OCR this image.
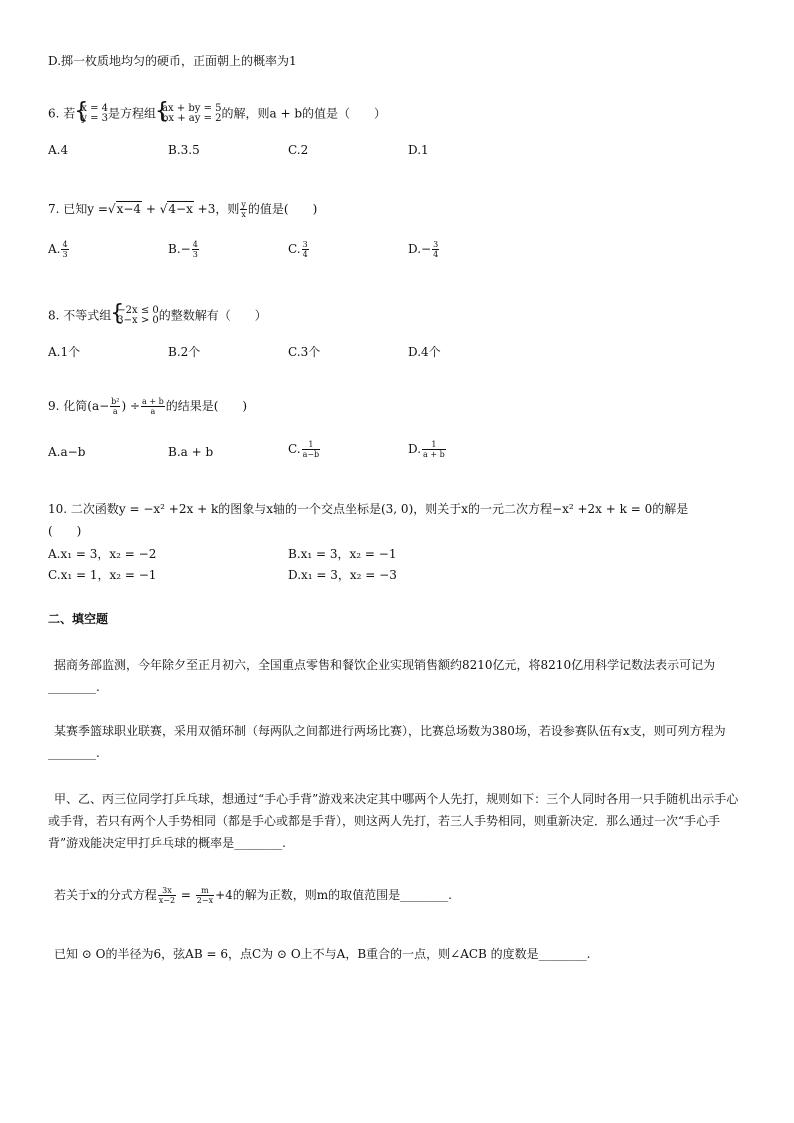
D.掷一枚质地均匀的硬币，正面朝上的概率为1
6. 若 { x = 4
y = 3 是方程组 { ax + by = 5
bx + ay = 2 的解，则a + b的值是（　　）
A.4	B.3.5	C.2	D.1
7. 已知y =√x−4 + √4−x +3，则 $\frac{y}{x}$ 的值是(　　)
A. $\frac{4}{3}$	$B.- \frac{4}{3}$	C. $\frac{3}{4}$	$D.- \frac{3}{4}$
8. 不等式组 { −2x ≤ 0
3−x > 0 的整数解有（　　）
A.1个	B.2个	C.3个	D.4个
9. 化简($a- \frac{\text{b²}}{a}$ ) ÷ $\frac{a + b}{a}$ 的结果是(　　)
A.a−b	B.a + b	C. $\frac{1}{a-b}$	D. $\frac{1}{a + b}$
10. 二次函数y = −x² +2x + k的图象与x轴的一个交点坐标是(3, 0)，则关于x的一元二次方程−x² +2x + k = 0的解是
(　　)
A.x₁ = 3，x₂ = −2	B.x₁ = 3，x₂ = −1
C.x₁ = 1，x₂ = −1	D.x₁ = 3，x₂ = −3
二、填空题
据商务部监测，今年除夕至正月初六，全国重点零售和餐饮企业实现销售额约8210亿元，将8210亿用科学记数法表示可记为________.
某赛季篮球职业联赛，采用双循环制（每两队之间都进行两场比赛），比赛总场数为380场，若设参赛队伍有x支，则可列方程为________.
甲、乙、丙三位同学打乒乓球，想通过“手心手背”游戏来决定其中哪两个人先打，规则如下：三个人同时各用一只手随机出示手心或手背，若只有两个人手势相同（都是手心或都是手背），则这两人先打，若三人手势相同，则重新决定．那么通过一次“手心手背”游戏能决定甲打乒乓球的概率是________.
若关于x的分式方程 $\frac{3x}{x-2} = \frac{m}{2-x} +4$的解为正数，则m的取值范围是________.
已知 ⊙ O的半径为6，弦AB = 6，点C为 ⊙ O上不与A，B重合的一点，则∠ACB 的度数是________.
